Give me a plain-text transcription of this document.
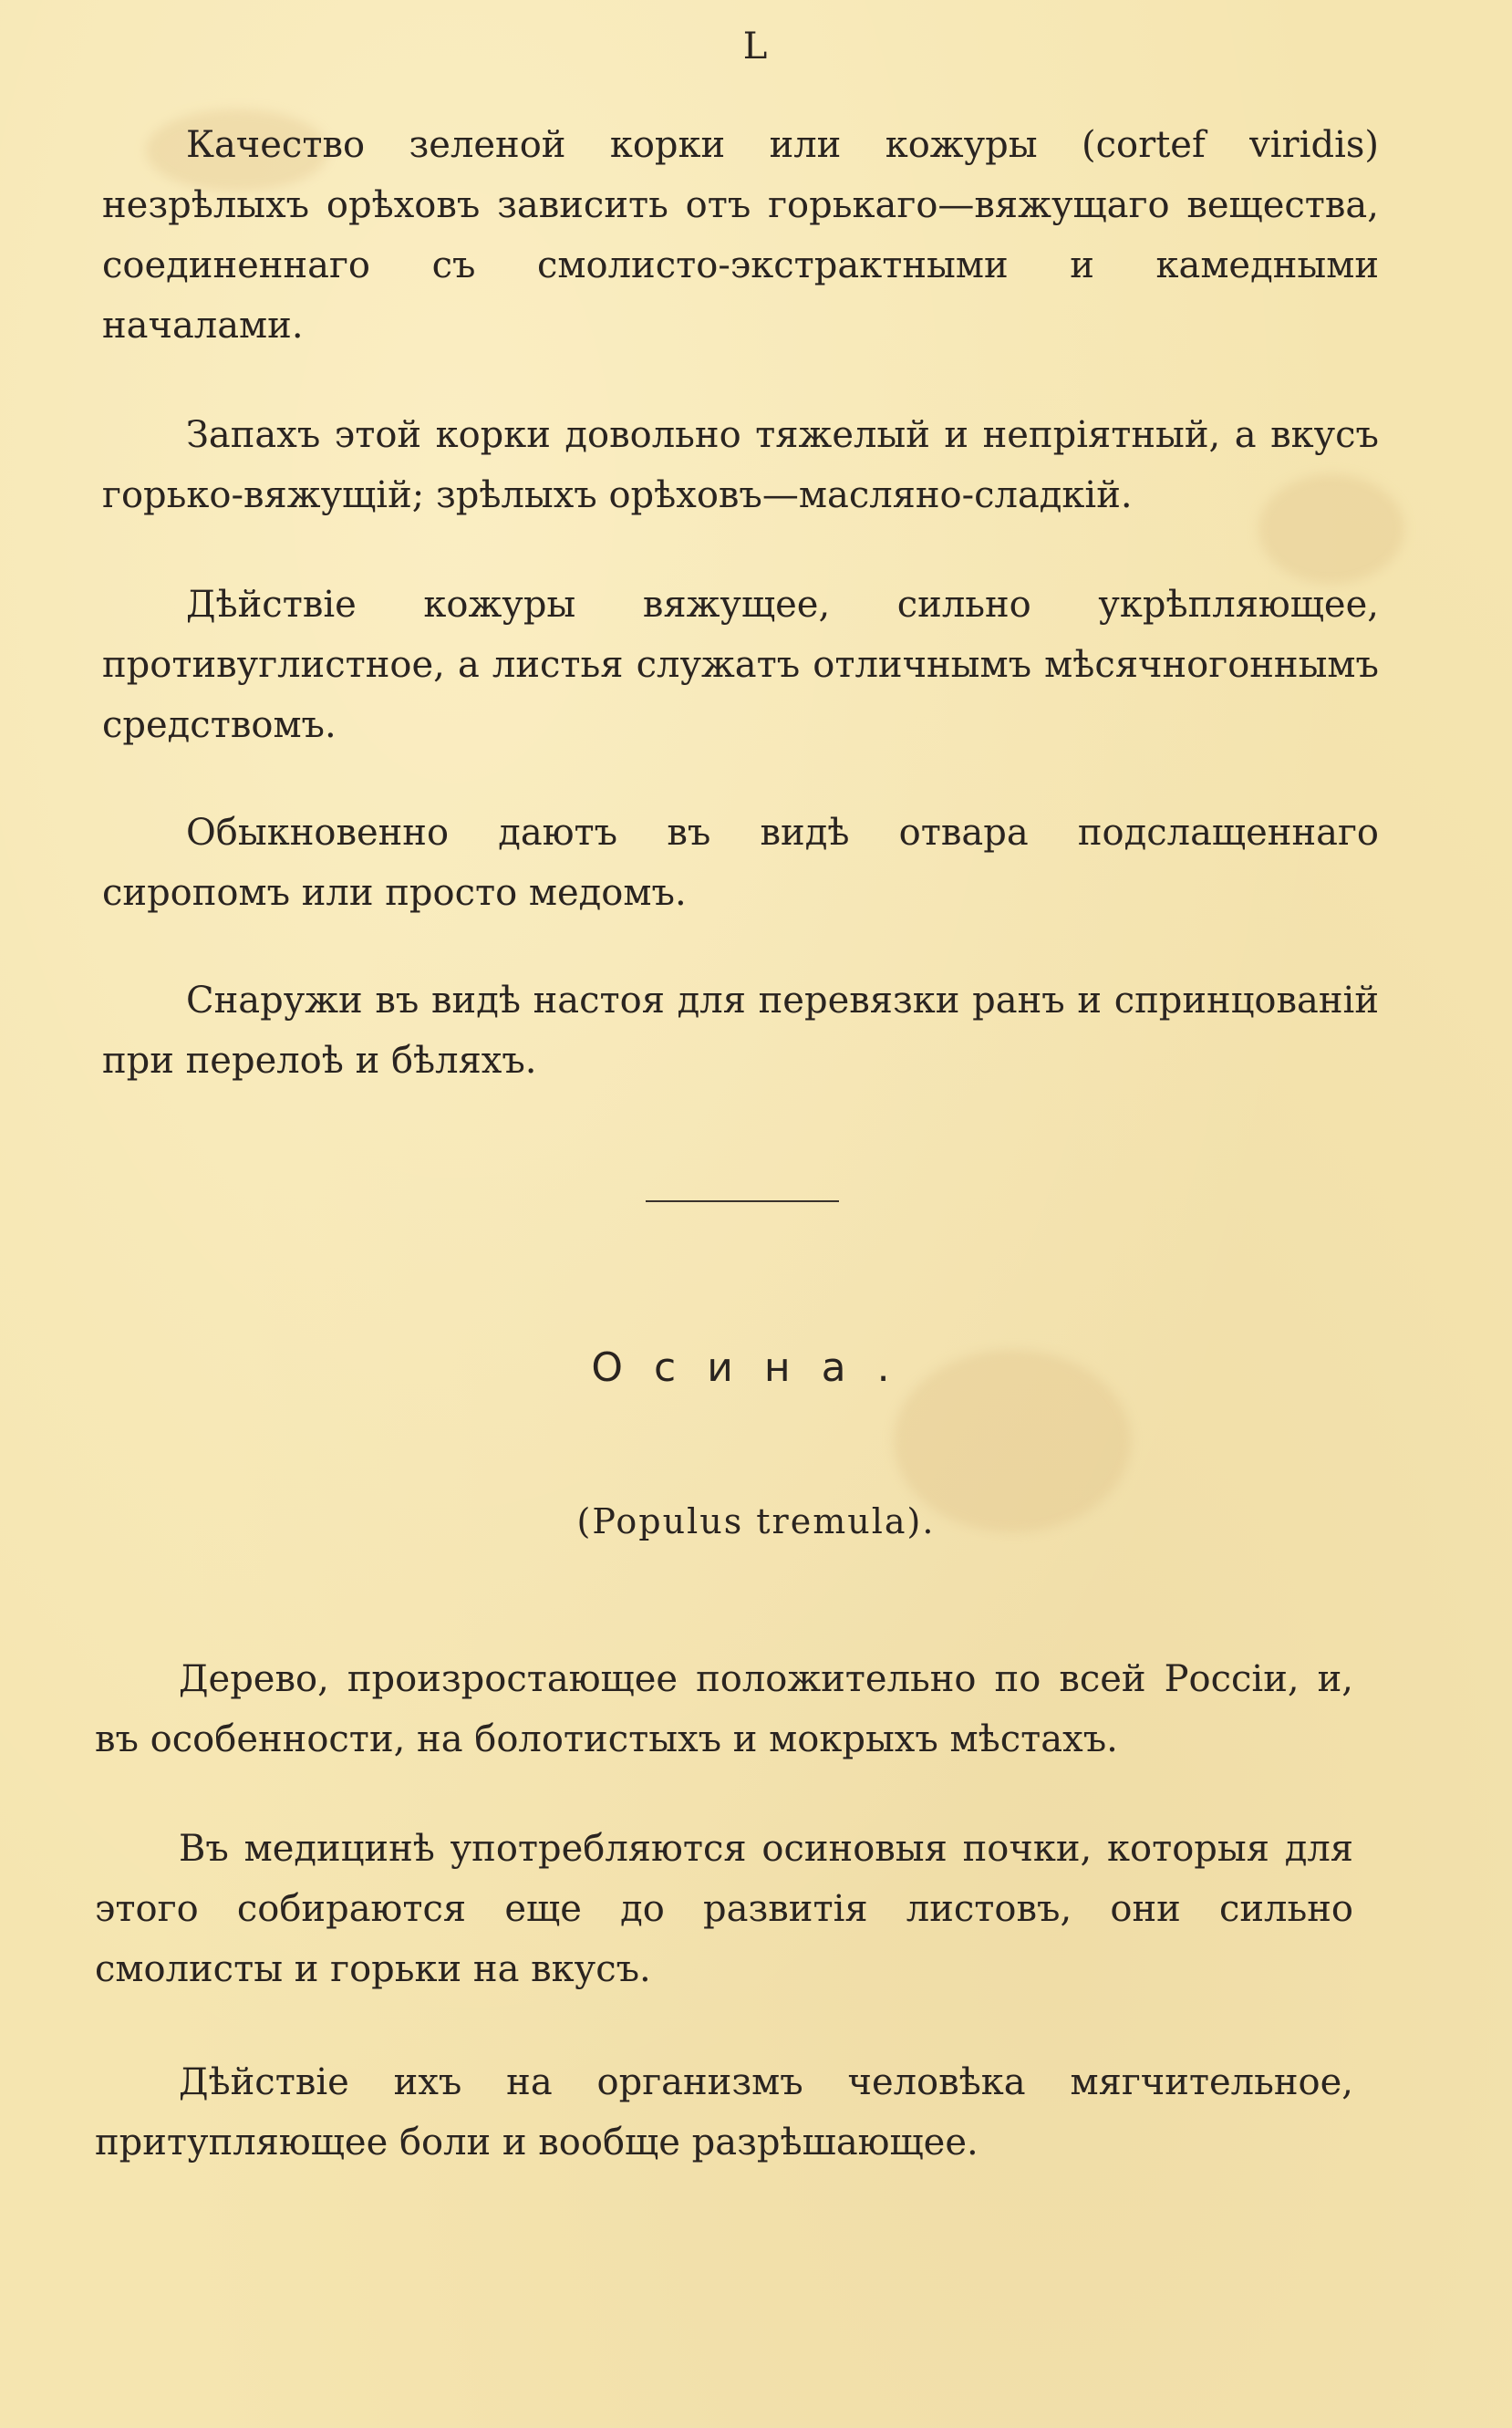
L

Качество зеленой корки или кожуры (cortef viridis) незрѣлыхъ орѣховъ зависить отъ горькаго—вяжущаго вещества, соединеннаго съ смолисто-экстрактными и камедными началами.

Запахъ этой корки довольно тяжелый и непріятный, а вкусъ горько-вяжущій; зрѣлыхъ орѣховъ—масляно-сладкій.

Дѣйствіе кожуры вяжущее, сильно укрѣпляющее, противуглистное, а листья служатъ отличнымъ мѣсячногоннымъ средствомъ.

Обыкновенно даютъ въ видѣ отвара подслащеннаго сиропомъ или просто медомъ.

Снаружи въ видѣ настоя для перевязки ранъ и спринцованій при перелоѣ и бѣляхъ.

Осина.
(Populus tremula).

Дерево, произростающее положительно по всей Россіи, и, въ особенности, на болотистыхъ и мокрыхъ мѣстахъ.

Въ медицинѣ употребляются осиновыя почки, которыя для этого собираются еще до развитія листовъ, они сильно смолисты и горьки на вкусъ.

Дѣйствіе ихъ на организмъ человѣка мягчительное, притупляющее боли и вообще разрѣшающее.
